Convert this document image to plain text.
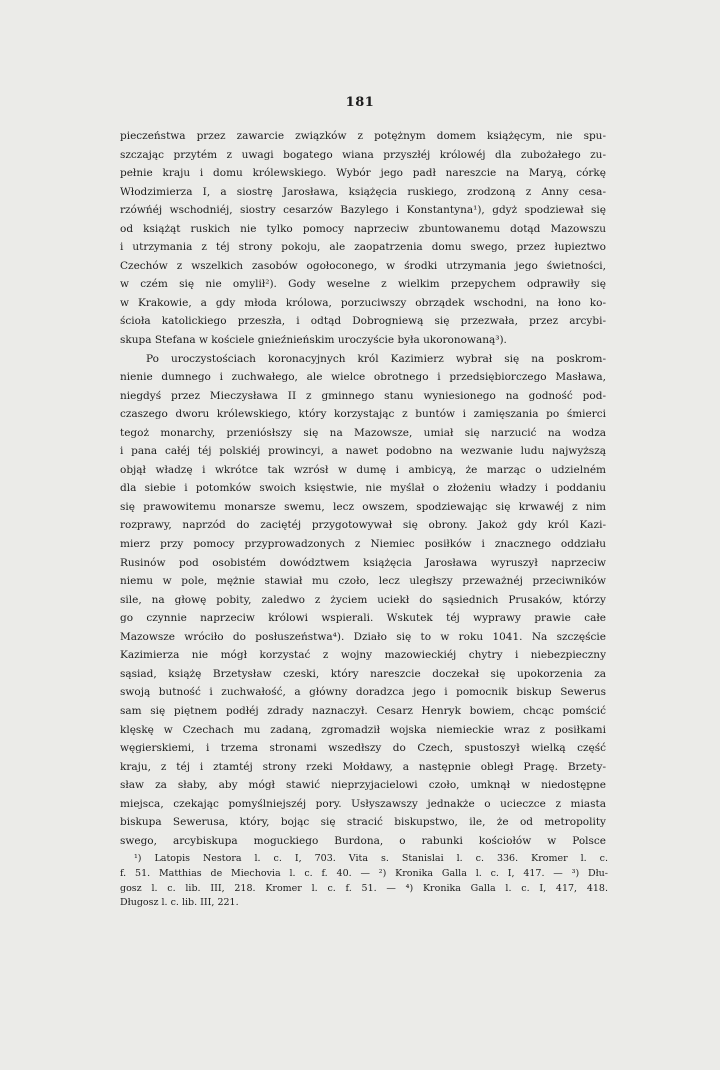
181
pieczeństwa przez zawarcie związków z potężnym domem książęcym, nie spu-
szczając przytém z uwagi bogatego wiana przyszłéj królowéj dla zubożałego zu-
pełnie kraju i domu królewskiego. Wybór jego padł nareszcie na Maryą, córkę
Włodzimierza I, a siostrę Jarosława, książęcia ruskiego, zrodzoną z Anny cesa-
rzówńéj wschodniéj, siostry cesarzów Bazylego i Konstantyna¹), gdyż spodziewał się
od książąt ruskich nie tylko pomocy naprzeciw zbuntowanemu dotąd Mazowszu
i utrzymania z téj strony pokoju, ale zaopatrzenia domu swego, przez łupieztwo
Czechów z wszelkich zasobów ogołoconego, w środki utrzymania jego świetności,
w czém się nie omylił²). Gody weselne z wielkim przepychem odprawiły się
w Krakowie, a gdy młoda królowa, porzuciwszy obrządek wschodni, na łono ko-
ścioła katolickiego przeszła, i odtąd Dobrogniewą się przezwała, przez arcybi-
skupa Stefana w kościele gnieźnieńskim uroczyście była ukoronowaną³).
Po uroczystościach koronacyjnych król Kazimierz wybrał się na poskrom-
nienie dumnego i zuchwałego, ale wielce obrotnego i przedsiębiorczego Masława,
niegdyś przez Mieczysława II z gminnego stanu wyniesionego na godność pod-
czaszego dworu królewskiego, który korzystając z buntów i zamięszania po śmierci
tegoż monarchy, przeniósłszy się na Mazowsze, umiał się narzucić na wodza
i pana całéj téj polskiéj prowincyi, a nawet podobno na wezwanie ludu najwyższą
objął władzę i wkrótce tak wzrósł w dumę i ambicyą, że marząc o udzielném
dla siebie i potomków swoich księstwie, nie myślał o złożeniu władzy i poddaniu
się prawowitemu monarsze swemu, lecz owszem, spodziewając się krwawéj z nim
rozprawy, naprzód do zaciętéj przygotowywał się obrony. Jakoż gdy król Kazi-
mierz przy pomocy przyprowadzonych z Niemiec posiłków i znacznego oddziału
Rusinów pod osobistém dowództwem książęcia Jarosława wyruszył naprzeciw
niemu w pole, mężnie stawiał mu czoło, lecz uległszy przeważnéj przeciwników
sile, na głowę pobity, zaledwo z życiem uciekł do sąsiednich Prusaków, którzy
go czynnie naprzeciw królowi wspierali. Wskutek téj wyprawy prawie całe
Mazowsze wróciło do posłuszeństwa⁴). Działo się to w roku 1041. Na szczęście
Kazimierza nie mógł korzystać z wojny mazowieckiéj chytry i niebezpieczny
sąsiad, książę Brzetysław czeski, który nareszcie doczekał się upokorzenia za
swoją butność i zuchwałość, a główny doradzca jego i pomocnik biskup Sewerus
sam się piętnem podłéj zdrady naznaczył. Cesarz Henryk bowiem, chcąc pomścić
klęskę w Czechach mu zadaną, zgromadził wojska niemieckie wraz z posiłkami
węgierskiemi, i trzema stronami wszedłszy do Czech, spustoszył wielką część
kraju, z téj i ztamtéj strony rzeki Mołdawy, a następnie obległ Pragę. Brzety-
sław za słaby, aby mógł stawić nieprzyjacielowi czoło, umknął w niedostępne
miejsca, czekając pomyślniejszéj pory. Usłyszawszy jednakże o ucieczce z miasta
biskupa Sewerusa, który, bojąc się stracić biskupstwo, ile, że od metropolity
swego, arcybiskupa moguckiego Burdona, o rabunki kościołów w Polsce
¹) Latopis Nestora l. c. I, 703. Vita s. Stanislai l. c. 336. Kromer l. c.
f. 51. Matthias de Miechovia l. c. f. 40. — ²) Kronika Galla l. c. I, 417. — ³) Dłu-
gosz l. c. lib. III, 218. Kromer l. c. f. 51. — ⁴) Kronika Galla l. c. I, 417, 418.
Długosz l. c. lib. III, 221.
